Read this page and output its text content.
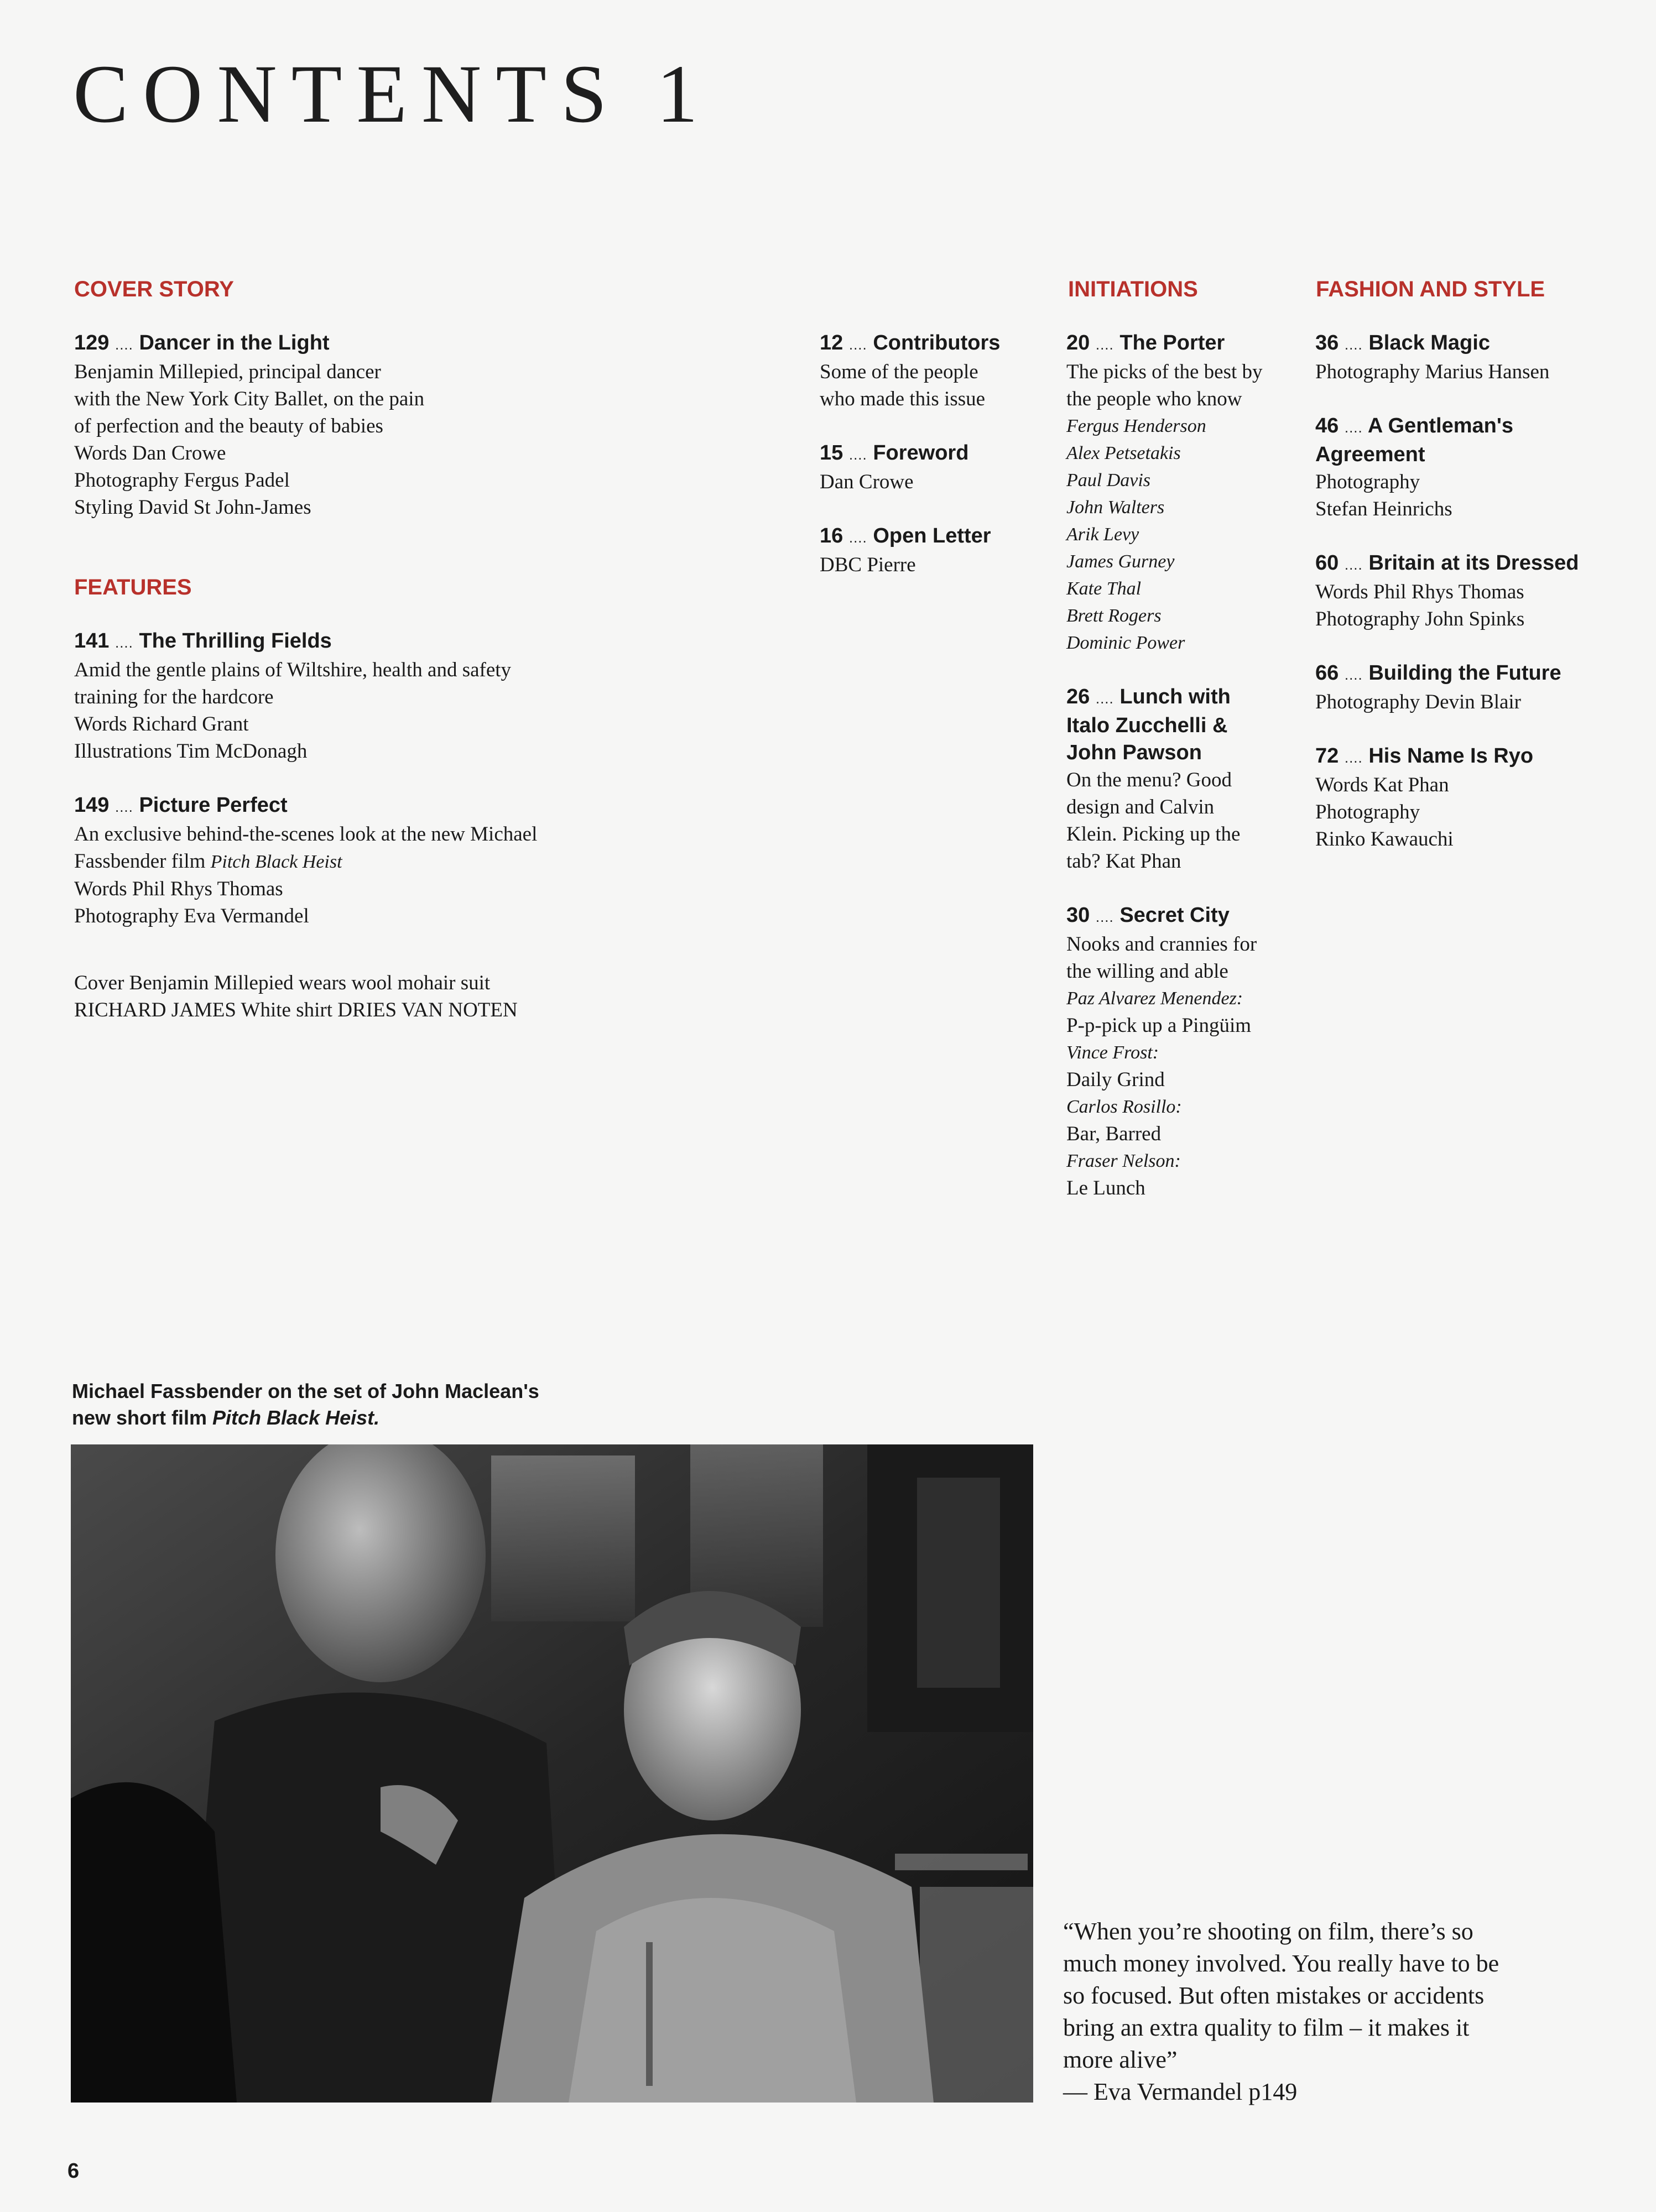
CONTENTS 1
COVER STORY
129 .... Dancer in the Light
Benjamin Millepied, principal dancer
with the New York City Ballet, on the pain
of perfection and the beauty of babies
Words Dan Crowe
Photography Fergus Padel
Styling David St John-James
FEATURES
141 .... The Thrilling Fields
Amid the gentle plains of Wiltshire, health and safety
training for the hardcore
Words Richard Grant
Illustrations Tim McDonagh
149 .... Picture Perfect
An exclusive behind-the-scenes look at the new Michael
Fassbender film Pitch Black Heist
Words Phil Rhys Thomas
Photography Eva Vermandel
Cover Benjamin Millepied wears wool mohair suit
RICHARD JAMES White shirt DRIES VAN NOTEN
12 .... Contributors
Some of the people
who made this issue
15 .... Foreword
Dan Crowe
16 .... Open Letter
DBC Pierre
INITIATIONS
20 .... The Porter
The picks of the best by
the people who know
Fergus Henderson
Alex Petsetakis
Paul Davis
John Walters
Arik Levy
James Gurney
Kate Thal
Brett Rogers
Dominic Power
26 .... Lunch with
Italo Zucchelli &
John Pawson
On the menu? Good
design and Calvin
Klein. Picking up the
tab? Kat Phan
30 .... Secret City
Nooks and crannies for
the willing and able
Paz Alvarez Menendez:
P-p-pick up a Pingüim
Vince Frost:
Daily Grind
Carlos Rosillo:
Bar, Barred
Fraser Nelson:
Le Lunch
FASHION AND STYLE
36 .... Black Magic
Photography Marius Hansen
46 .... A Gentleman's
Agreement
Photography
Stefan Heinrichs
60 .... Britain at its Dressed
Words Phil Rhys Thomas
Photography John Spinks
66 .... Building the Future
Photography Devin Blair
72 .... His Name Is Ryo
Words Kat Phan
Photography
Rinko Kawauchi
Michael Fassbender on the set of John Maclean's
new short film Pitch Black Heist.
“When you’re shooting on film, there’s so
much money involved. You really have to be
so focused. But often mistakes or accidents
bring an extra quality to film – it makes it
more alive”
— Eva Vermandel p149
6
